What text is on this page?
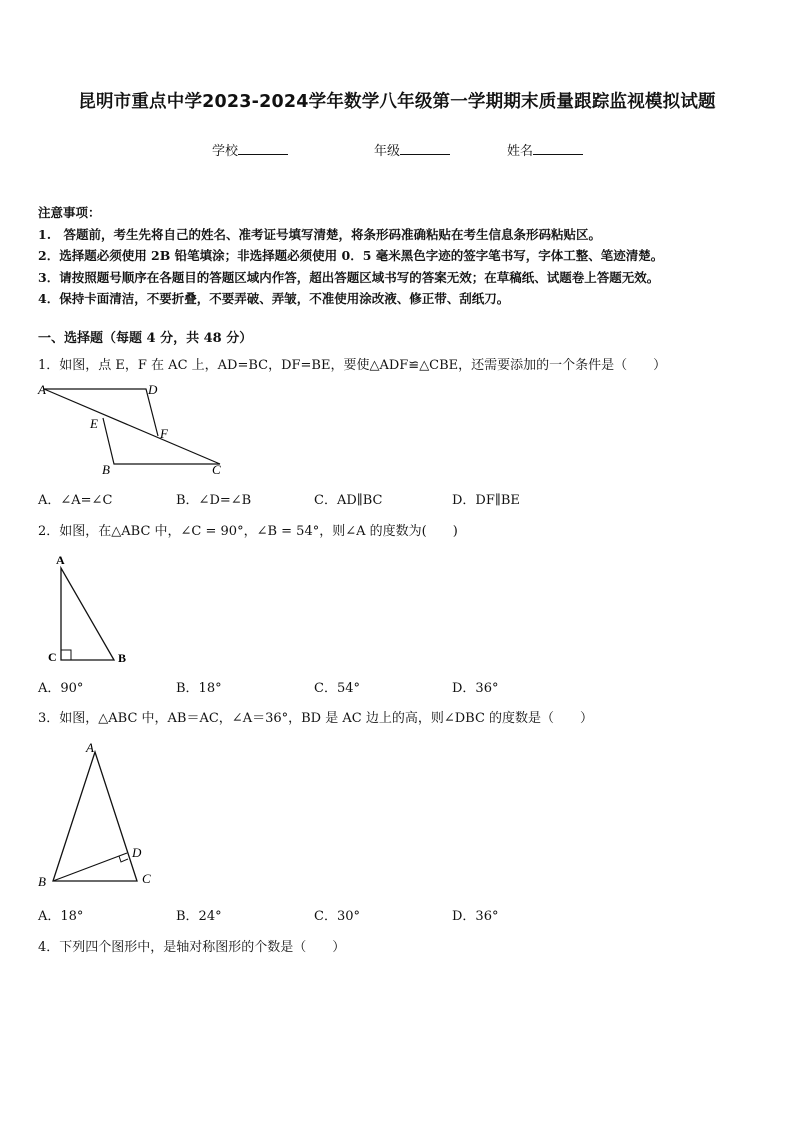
昆明市重点中学2023-2024学年数学八年级第一学期期末质量跟踪监视模拟试题
学校	年级	姓名
注意事项：
1.　答题前，考生先将自己的姓名、准考证号填写清楚，将条形码准确粘贴在考生信息条形码粘贴区。
2．选择题必须使用 2B 铅笔填涂；非选择题必须使用 0．5 毫米黑色字迹的签字笔书写，字体工整、笔迹清楚。
3．请按照题号顺序在各题目的答题区域内作答，超出答题区域书写的答案无效；在草稿纸、试题卷上答题无效。
4．保持卡面清洁，不要折叠，不要弄破、弄皱，不准使用涂改液、修正带、刮纸刀。
一、选择题（每题 4 分，共 48 分）
1．如图，点 E，F 在 AC 上，AD=BC，DF=BE，要使△ADF≌△CBE，还需要添加的一个条件是（　　）
A	D
E
F
B	C
A．∠A=∠C	B．∠D=∠B	C．AD∥BC	D．DF∥BE
2．如图，在△ABC 中，∠C = 90°，∠B = 54°，则∠A 的度数为(　　)
A
C	B
A．90°	B．18°	C．54°	D．36°
3．如图，△ABC 中，AB＝AC，∠A＝36°，BD 是 AC 边上的高，则∠DBC 的度数是（　　）
A
D
B	C
A．18°	B．24°	C．30°	D．36°
4．下列四个图形中，是轴对称图形的个数是（　　）
